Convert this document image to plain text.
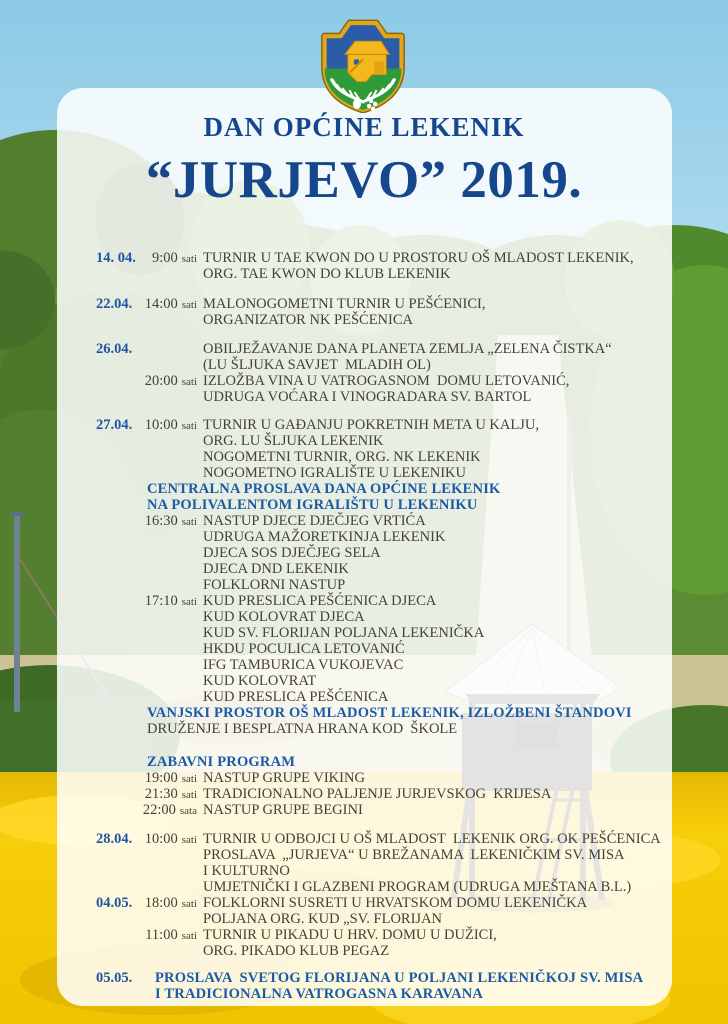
DAN OPĆINE LEKENIK
“JURJEVO” 2019.
14. 04.	9:00 sati TURNIR U TAE KWON DO U PROSTORU OŠ MLADOST LEKENIK,
ORG. TAE KWON DO KLUB LEKENIK
22.04. 14:00 sati MALONOGOMETNI TURNIR U PEŠĆENICI,
ORGANIZATOR NK PEŠĆENICA
26.04.	OBILJEŽAVANJE DANA PLANETA ZEMLJA „ZELENA ČISTKA“
(LU ŠLJUKA SAVJET  MLADIH OL)
20:00 sati IZLOŽBA VINA U VATROGASNOM  DOMU LETOVANIĆ,
UDRUGA VOĆARA I VINOGRADARA SV. BARTOL
27.04. 10:00 sati TURNIR U GAĐANJU POKRETNIH META U KALJU,
ORG. LU ŠLJUKA LEKENIK
NOGOMETNI TURNIR, ORG. NK LEKENIK
NOGOMETNO IGRALIŠTE U LEKENIKU
CENTRALNA PROSLAVA DANA OPĆINE LEKENIK
NA POLIVALENTOM IGRALIŠTU U LEKENIKU
16:30 sati NASTUP DJECE DJEČJEG VRTIĆA
UDRUGA MAŽORETKINJA LEKENIK
DJECA SOS DJEČJEG SELA
DJECA DND LEKENIK
FOLKLORNI NASTUP
17:10 sati KUD PRESLICA PEŠĆENICA DJECA
KUD KOLOVRAT DJECA
KUD SV. FLORIJAN POLJANA LEKENIČKA
HKDU POCULICA LETOVANIĆ
IFG TAMBURICA VUKOJEVAC
KUD KOLOVRAT
KUD PRESLICA PEŠĆENICA
VANJSKI PROSTOR OŠ MLADOST LEKENIK, IZLOŽBENI ŠTANDOVI
DRUŽENJE I BESPLATNA HRANA KOD  ŠKOLE
ZABAVNI PROGRAM
19:00 sati NASTUP GRUPE VIKING
21:30 sati TRADICIONALNO PALJENJE JURJEVSKOG  KRIJESA
22:00 sata NASTUP GRUPE BEGINI
28.04. 10:00 sati TURNIR U ODBOJCI U OŠ MLADOST  LEKENIK ORG. OK PEŠĆENICA
PROSLAVA  „JURJEVA“ U BREŽANAMA  LEKENIČKIM SV. MISA
I KULTURNO
UMJETNIČKI I GLAZBENI PROGRAM (UDRUGA MJEŠTANA B.L.)
04.05. 18:00 sati FOLKLORNI SUSRETI U HRVATSKOM DOMU LEKENIČKA
POLJANA ORG. KUD „SV. FLORIJAN
11:00 sati TURNIR U PIKADU U HRV. DOMU U DUŽICI,
ORG. PIKADO KLUB PEGAZ
05.05.	PROSLAVA  SVETOG FLORIJANA U POLJANI LEKENIČKOJ SV. MISA
I TRADICIONALNA VATROGASNA KARAVANA
